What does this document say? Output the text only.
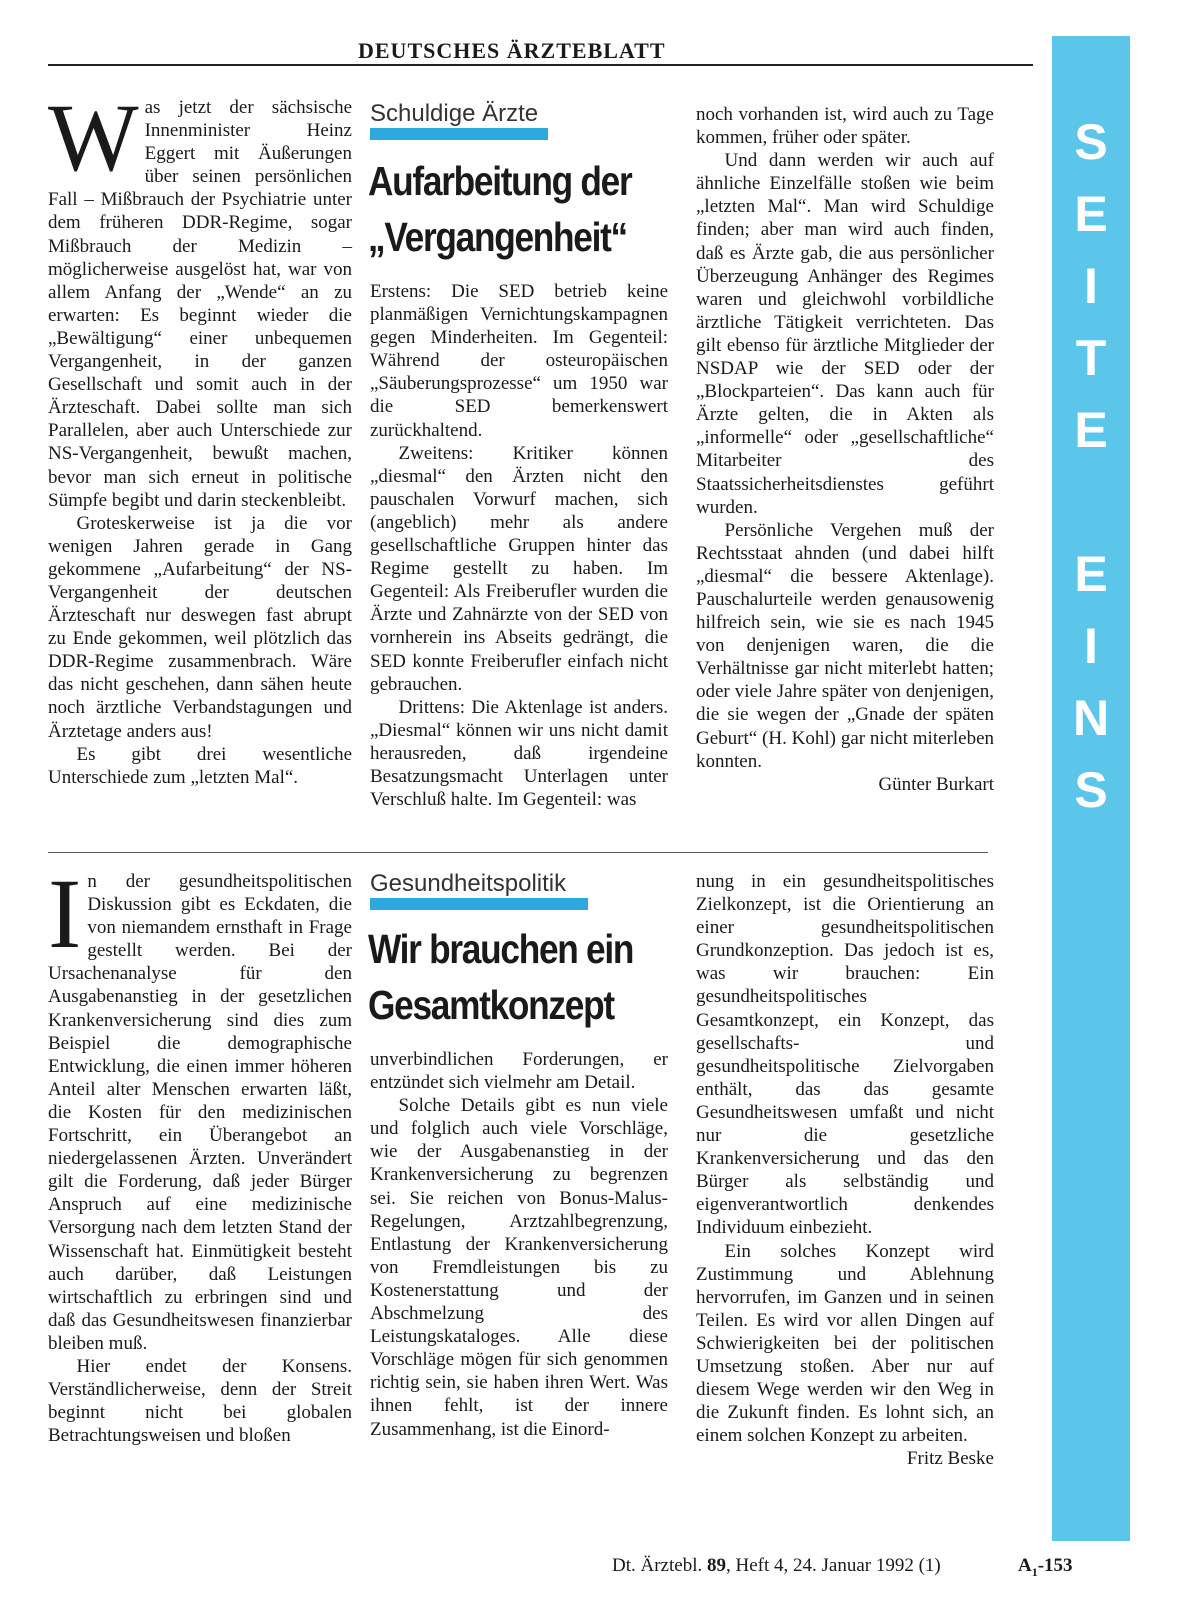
DEUTSCHES ÄRZTEBLATT
S
E
I
T
E

E
I
N
S

Was jetzt der sächsische Innenminister Heinz Eggert mit Äußerungen über seinen persönlichen Fall – Mißbrauch der Psychiatrie unter dem früheren DDR-Regime, sogar Mißbrauch der Medizin – möglicherweise ausgelöst hat, war von allem Anfang der „Wende“ an zu erwarten: Es beginnt wieder die „Bewältigung“ einer unbequemen Vergangenheit, in der ganzen Gesellschaft und somit auch in der Ärzteschaft. Dabei sollte man sich Parallelen, aber auch Unterschiede zur NS-Vergangenheit, bewußt machen, bevor man sich erneut in politische Sümpfe begibt und darin steckenbleibt.

Groteskerweise ist ja die vor wenigen Jahren gerade in Gang gekommene „Aufarbeitung“ der NS-Vergangenheit der deutschen Ärzteschaft nur deswegen fast abrupt zu Ende gekommen, weil plötzlich das DDR-Regime zusammenbrach. Wäre das nicht geschehen, dann sähen heute noch ärztliche Verbandstagungen und Ärztetage anders aus!

Es gibt drei wesentliche Unterschiede zum „letzten Mal“.

Schuldige Ärzte
Aufarbeitung der
„Vergangenheit“

Erstens: Die SED betrieb keine planmäßigen Vernichtungskampagnen gegen Minderheiten. Im Gegenteil: Während der osteuropäischen „Säuberungsprozesse“ um 1950 war die SED bemerkenswert zurückhaltend.

Zweitens: Kritiker können „diesmal“ den Ärzten nicht den pauschalen Vorwurf machen, sich (angeblich) mehr als andere gesellschaftliche Gruppen hinter das Regime gestellt zu haben. Im Gegenteil: Als Freiberufler wurden die Ärzte und Zahnärzte von der SED von vornherein ins Abseits gedrängt, die SED konnte Freiberufler einfach nicht gebrauchen.

Drittens: Die Aktenlage ist anders. „Diesmal“ können wir uns nicht damit herausreden, daß irgendeine Besatzungsmacht Unterlagen unter Verschluß halte. Im Gegenteil: was

noch vorhanden ist, wird auch zu Tage kommen, früher oder später.

Und dann werden wir auch auf ähnliche Einzelfälle stoßen wie beim „letzten Mal“. Man wird Schuldige finden; aber man wird auch finden, daß es Ärzte gab, die aus persönlicher Überzeugung Anhänger des Regimes waren und gleichwohl vorbildliche ärztliche Tätigkeit verrichteten. Das gilt ebenso für ärztliche Mitglieder der NSDAP wie der SED oder der „Blockparteien“. Das kann auch für Ärzte gelten, die in Akten als „informelle“ oder „gesellschaftliche“ Mitarbeiter des Staatssicherheitsdienstes geführt wurden.

Persönliche Vergehen muß der Rechtsstaat ahnden (und dabei hilft „diesmal“ die bessere Aktenlage). Pauschalurteile werden genausowenig hilfreich sein, wie sie es nach 1945 von denjenigen waren, die die Verhältnisse gar nicht miterlebt hatten; oder viele Jahre später von denjenigen, die sie wegen der „Gnade der späten Geburt“ (H. Kohl) gar nicht miterleben konnten.

Günter Burkart

In der gesundheitspolitischen Diskussion gibt es Eckdaten, die von niemandem ernsthaft in Frage gestellt werden. Bei der Ursachenanalyse für den Ausgabenanstieg in der gesetzlichen Krankenversicherung sind dies zum Beispiel die demographische Entwicklung, die einen immer höheren Anteil alter Menschen erwarten läßt, die Kosten für den medizinischen Fortschritt, ein Überangebot an niedergelassenen Ärzten. Unverändert gilt die Forderung, daß jeder Bürger Anspruch auf eine medizinische Versorgung nach dem letzten Stand der Wissenschaft hat. Einmütigkeit besteht auch darüber, daß Leistungen wirtschaftlich zu erbringen sind und daß das Gesundheitswesen finanzierbar bleiben muß.

Hier endet der Konsens. Verständlicherweise, denn der Streit beginnt nicht bei globalen Betrachtungsweisen und bloßen

Gesundheitspolitik
Wir brauchen ein
Gesamtkonzept

unverbindlichen Forderungen, er entzündet sich vielmehr am Detail.

Solche Details gibt es nun viele und folglich auch viele Vorschläge, wie der Ausgabenanstieg in der Krankenversicherung zu begrenzen sei. Sie reichen von Bonus-Malus-Regelungen, Arztzahlbegrenzung, Entlastung der Krankenversicherung von Fremdleistungen bis zu Kostenerstattung und der Abschmelzung des Leistungskataloges. Alle diese Vorschläge mögen für sich genommen richtig sein, sie haben ihren Wert. Was ihnen fehlt, ist der innere Zusammenhang, ist die Einord-

nung in ein gesundheitspolitisches Zielkonzept, ist die Orientierung an einer gesundheitspolitischen Grundkonzeption. Das jedoch ist es, was wir brauchen: Ein gesundheitspolitisches Gesamtkonzept, ein Konzept, das gesellschafts- und gesundheitspolitische Zielvorgaben enthält, das das gesamte Gesundheitswesen umfaßt und nicht nur die gesetzliche Krankenversicherung und das den Bürger als selbständig und eigenverantwortlich denkendes Individuum einbezieht.

Ein solches Konzept wird Zustimmung und Ablehnung hervorrufen, im Ganzen und in seinen Teilen. Es wird vor allen Dingen auf Schwierigkeiten bei der politischen Umsetzung stoßen. Aber nur auf diesem Wege werden wir den Weg in die Zukunft finden. Es lohnt sich, an einem solchen Konzept zu arbeiten.

Fritz Beske

Dt. Ärztebl. 89, Heft 4, 24. Januar 1992 (1)	$A_1-153$
